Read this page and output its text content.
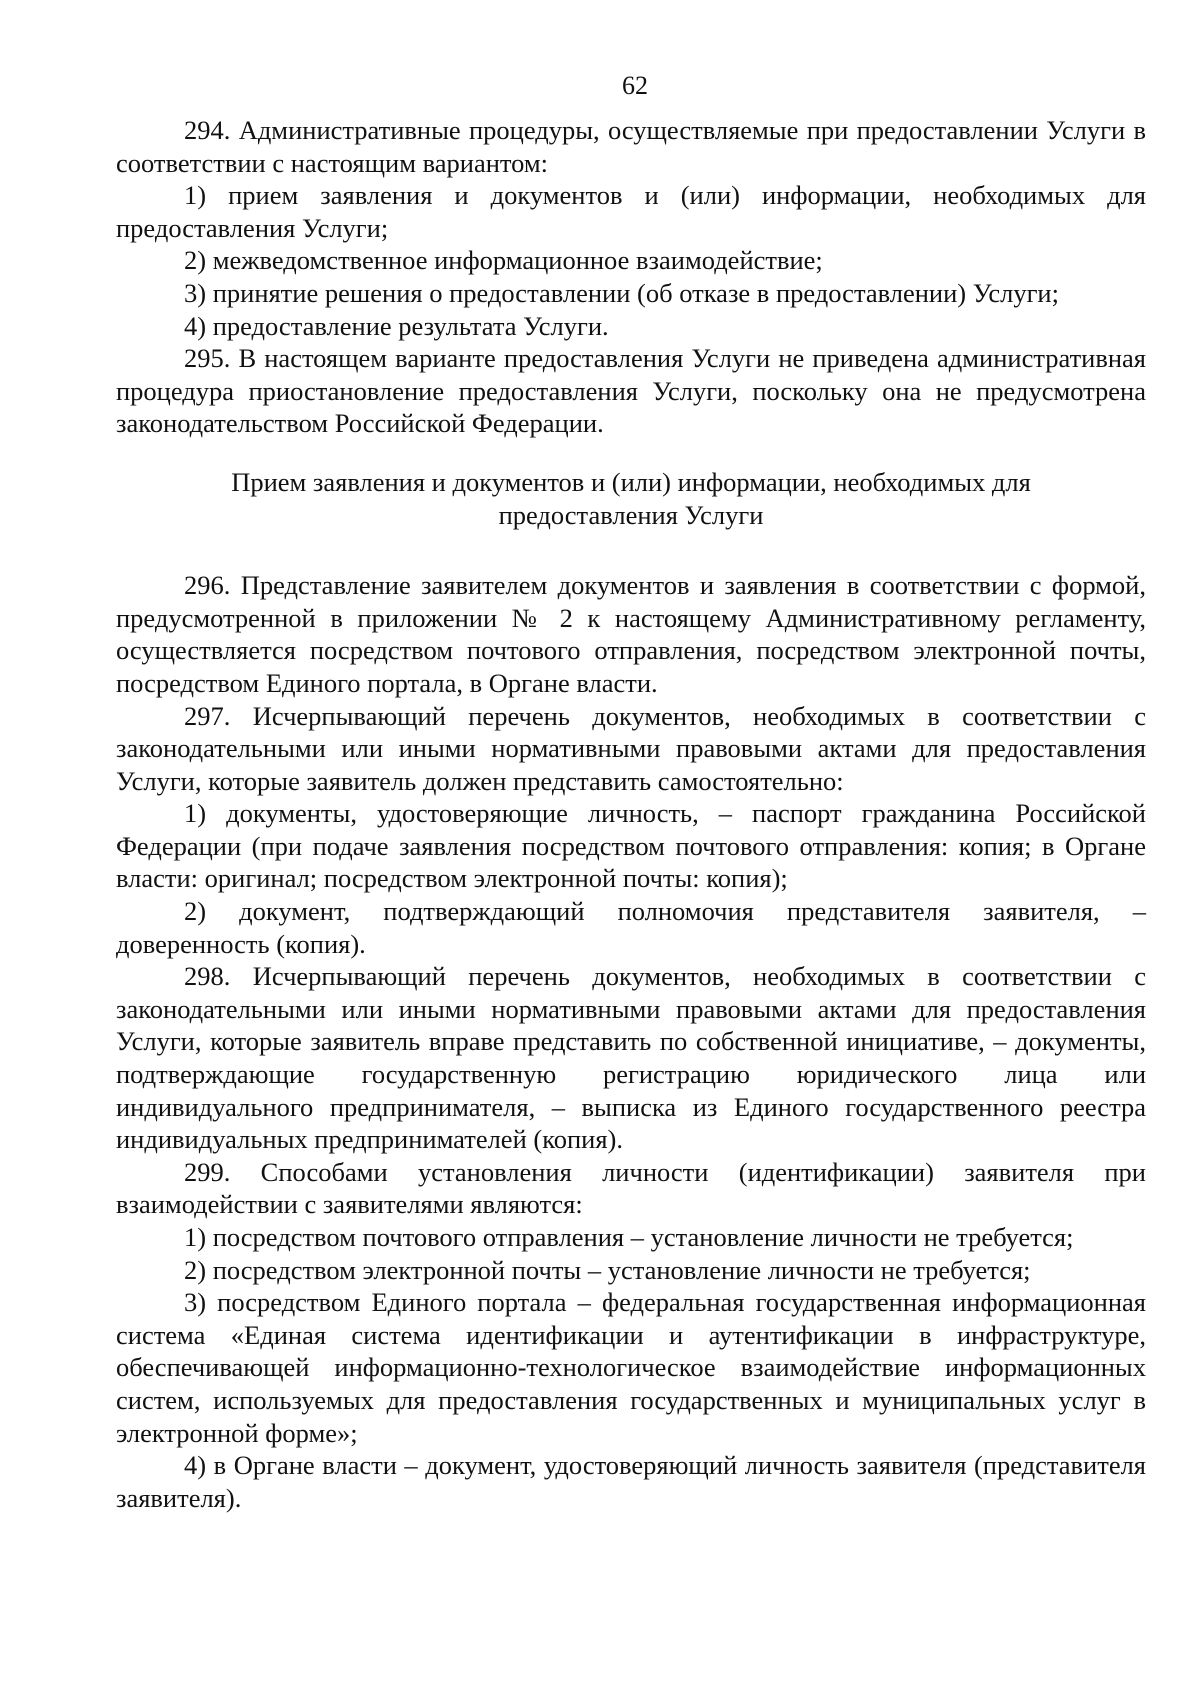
62

294. Административные процедуры, осуществляемые при предоставлении Услуги в соответствии с настоящим вариантом:

1) прием заявления и документов и (или) информации, необходимых для предоставления Услуги;

2) межведомственное информационное взаимодействие;

3) принятие решения о предоставлении (об отказе в предоставлении) Услуги;

4) предоставление результата Услуги.

295. В настоящем варианте предоставления Услуги не приведена административная процедура приостановление предоставления Услуги, поскольку она не предусмотрена законодательством Российской Федерации.

Прием заявления и документов и (или) информации, необходимых для предоставления Услуги

296. Представление заявителем документов и заявления в соответствии с формой, предусмотренной в приложении № 2 к настоящему Административному регламенту, осуществляется посредством почтового отправления, посредством электронной почты, посредством Единого портала, в Органе власти.

297. Исчерпывающий перечень документов, необходимых в соответствии с законодательными или иными нормативными правовыми актами для предоставления Услуги, которые заявитель должен представить самостоятельно:

1) документы, удостоверяющие личность, – паспорт гражданина Российской Федерации (при подаче заявления посредством почтового отправления: копия; в Органе власти: оригинал; посредством электронной почты: копия);

2) документ, подтверждающий полномочия представителя заявителя, – доверенность (копия).

298. Исчерпывающий перечень документов, необходимых в соответствии с законодательными или иными нормативными правовыми актами для предоставления Услуги, которые заявитель вправе представить по собственной инициативе, – документы, подтверждающие государственную регистрацию юридического лица или индивидуального предпринимателя, – выписка из Единого государственного реестра индивидуальных предпринимателей (копия).

299. Способами установления личности (идентификации) заявителя при взаимодействии с заявителями являются:

1) посредством почтового отправления – установление личности не требуется;

2) посредством электронной почты – установление личности не требуется;

3) посредством Единого портала – федеральная государственная информационная система «Единая система идентификации и аутентификации в инфраструктуре, обеспечивающей информационно-технологическое взаимодействие информационных систем, используемых для предоставления государственных и муниципальных услуг в электронной форме»;

4) в Органе власти – документ, удостоверяющий личность заявителя (представителя заявителя).
